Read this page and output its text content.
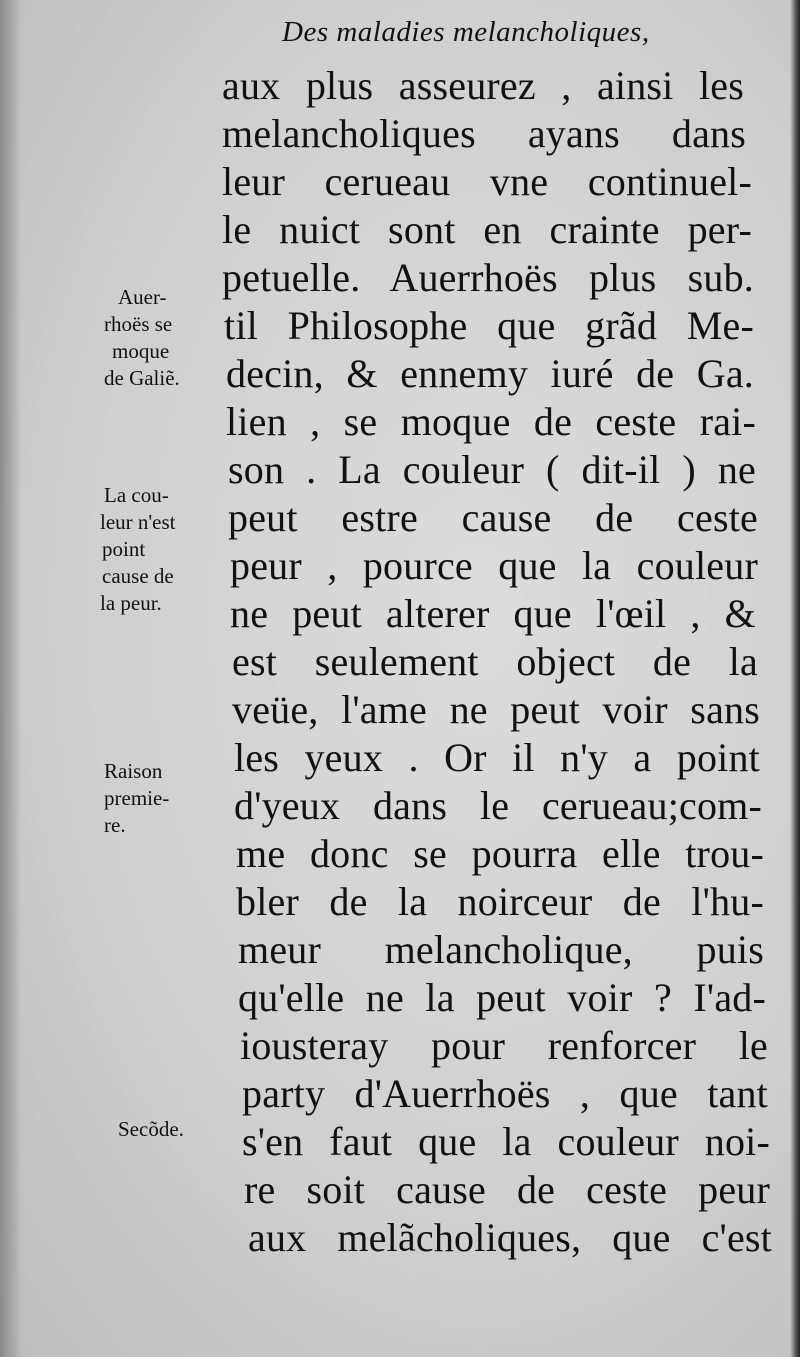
Des maladies melancholiques,
aux plus asseurez , ainsi les
melancholiques ayans dans
leur cerueau vne continuel-
le nuict sont en crainte per-
petuelle. Auerrhoës plus sub.
til Philosophe que grãd Me-
decin, & ennemy iuré de Ga.
lien , se moque de ceste rai-
son . La couleur ( dit-il ) ne
peut estre cause de ceste
peur , pource que la couleur
ne peut alterer que l'œil , &
est seulement object de la
veüe, l'ame ne peut voir sans
les yeux . Or il n'y a point
d'yeux dans le cerueau;com-
me donc se pourra elle trou-
bler de la noirceur de l'hu-
meur melancholique, puis
qu'elle ne la peut voir ? I'ad-
iousteray pour renforcer le
party d'Auerrhoës , que tant
s'en faut que la couleur noi-
re soit cause de ceste peur
aux melãcholiques, que c'est
Auer-
rhoës se
moque
de Galiẽ.
La cou-
leur n'est
point
cause de
la peur.
Raison
premie-
re.
Secõde.
